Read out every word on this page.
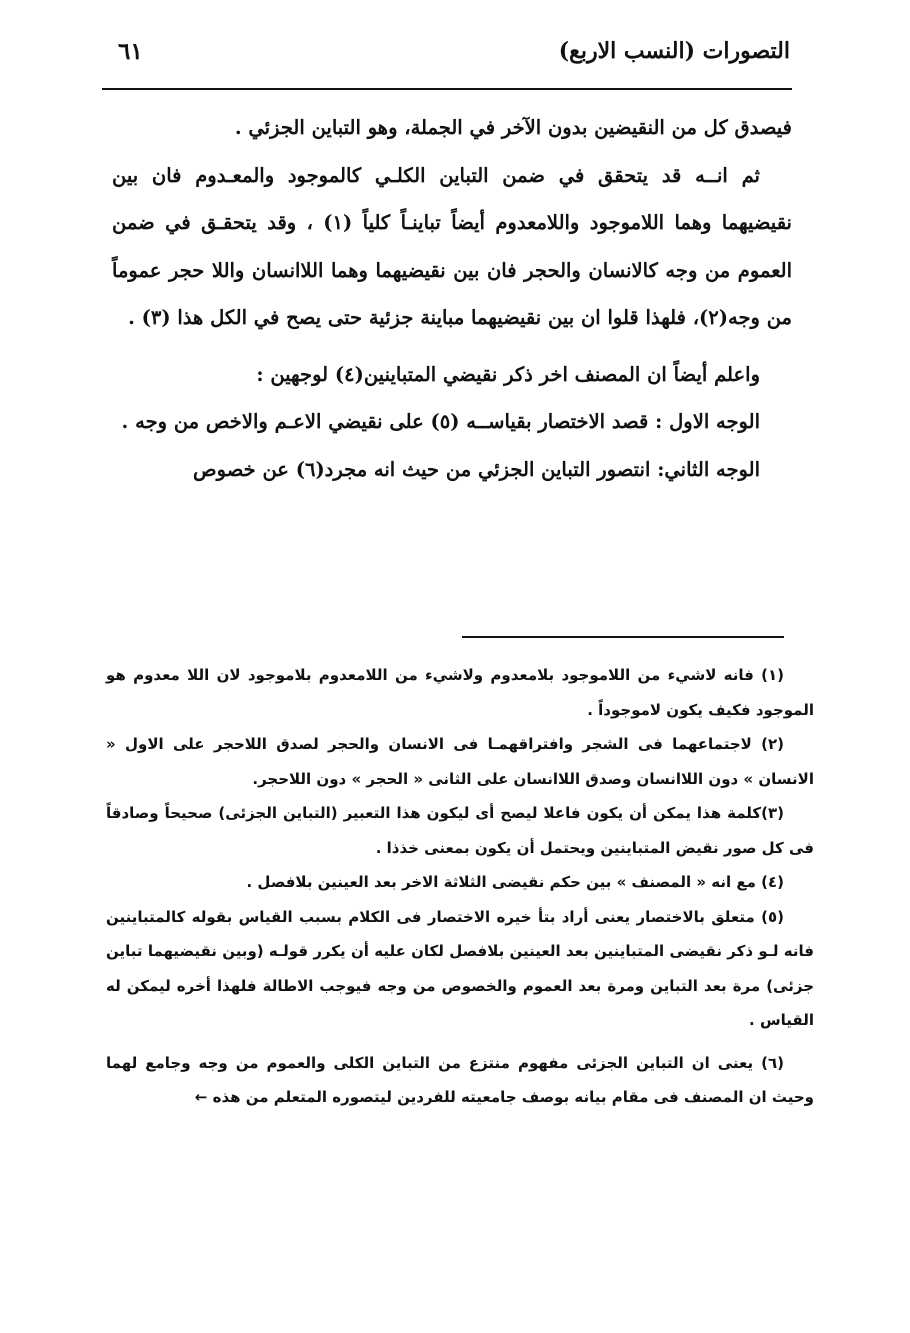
التصورات (النسب الاربع)
٦١

فيصدق كل من النقيضين بدون الآخر في الجملة، وهو التباين الجزئي .

ثم انــه قد يتحقق في ضمن التباين الكلـي كالموجود والمعـدوم فان بين نقيضيهما وهما اللاموجود واللامعدوم أيضاً تباينـاً كلياً (١) ، وقد يتحقـق في ضمن العموم من وجه كالانسان والحجر فان بين نقيضيهما وهما اللاانسان واللا حجر عموماً من وجه(٢)، فلهذا قلوا ان بين نقيضيهما مباينة جزئية حتى يصح في الكل هذا (٣) .

واعلم أيضاً ان المصنف اخر ذكر نقيضي المتباينين(٤) لوجهين :

الوجه الاول : قصد الاختصار بقياســه (٥) على نقيضي الاعـم والاخص من وجه .

الوجه الثاني: انتصور التباين الجزئي من حيث انه مجرد(٦) عن خصوص

(١) فانه لاشيء من اللاموجود بلامعدوم ولاشيء من اللامعدوم بلاموجود لان اللا معدوم هو الموجود فكيف يكون لاموجوداً .

(٢) لاجتماعهما فى الشجر وافتراقهمـا فى الانسان والحجر لصدق اللاحجر على الاول « الانسان » دون اللاانسان وصدق اللاانسان على الثانى « الحجر » دون اللاحجر.

(٣)كلمة هذا يمكن أن يكون فاعلا ليصح أى ليكون هذا التعبير (التباين الجزئى) صحيحاً وصادقاً فى كل صور نقيض المتباينين ويحتمل أن يكون بمعنى خذذا .

(٤) مع انه « المصنف » بين حكم نقيضى الثلاثة الاخر بعد العينين بلافصل .

(٥) متعلق بالاختصار يعنى أراد بتأ خيره الاختصار فى الكلام بسبب القياس بقوله كالمتباينين فانه لـو ذكر نقيضى المتباينين بعد العينين بلافصل لكان عليه أن يكرر قولـه (وبين نقيضيهما تباين جزئى) مرة بعد التباين ومرة بعد العموم والخصوص من وجه فيوجب الاطالة فلهذا أخره ليمكن له القياس .

(٦) يعنى ان التباين الجزئى مفهوم منتزع من التباين الكلى والعموم من وجه وجامع لهما وحيث ان المصنف فى مقام بيانه بوصف جامعيته للفردين ليتصوره المتعلم من هذه ←
